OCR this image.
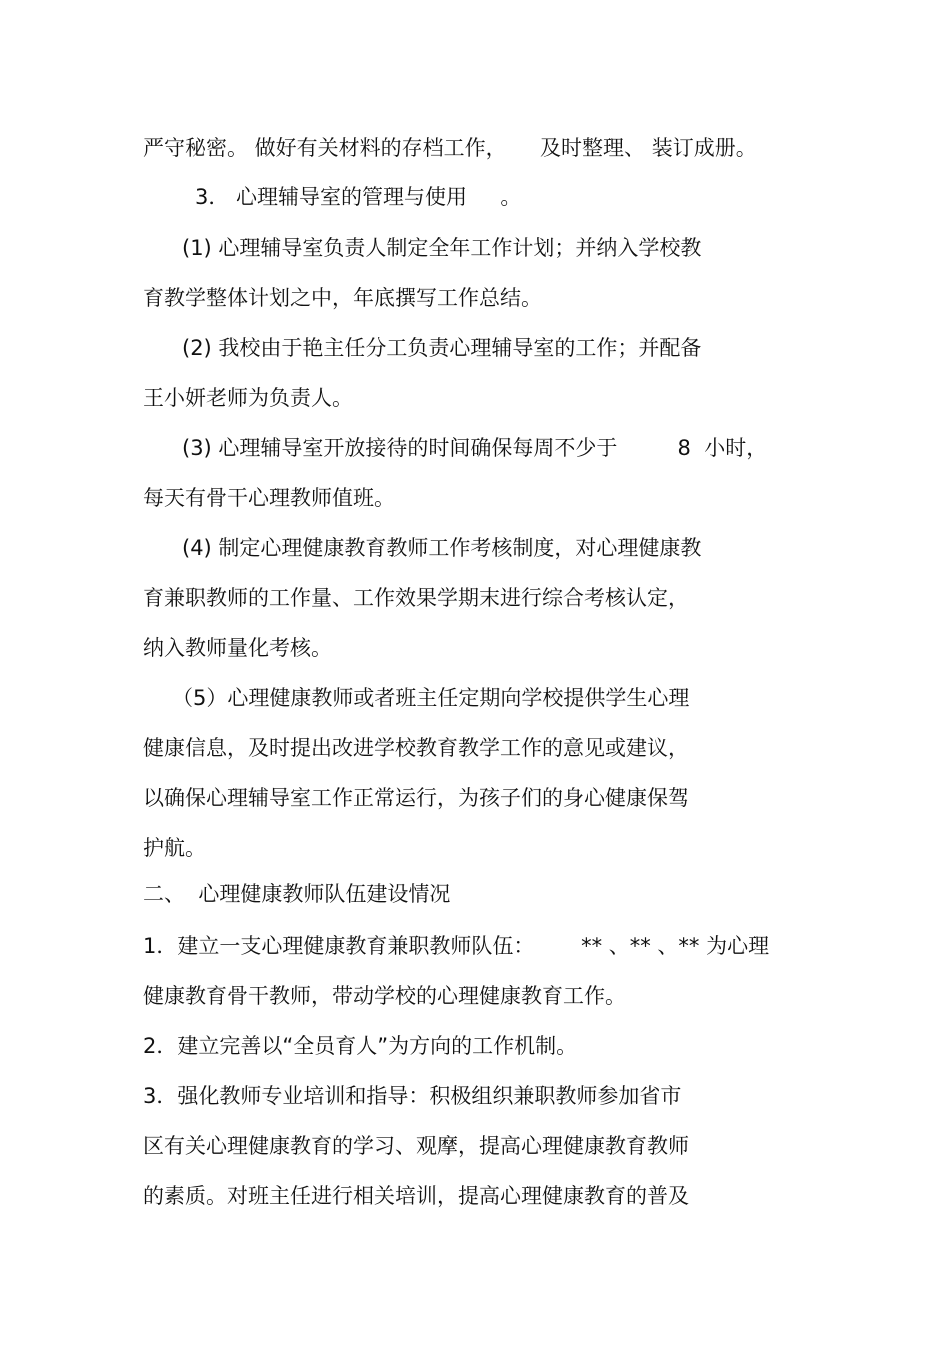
严守秘密。 做好有关材料的存档工作，     及时整理、 装订成册。
3． 心理辅导室的管理与使用     。
(1) 心理辅导室负责人制定全年工作计划；并纳入学校教
育教学整体计划之中，年底撰写工作总结。
(2) 我校由于艳主任分工负责心理辅导室的工作；并配备
王小妍老师为负责人。
(3) 心理辅导室开放接待的时间确保每周不少于         8  小时，
每天有骨干心理教师值班。
(4) 制定心理健康教育教师工作考核制度，对心理健康教
育兼职教师的工作量、工作效果学期末进行综合考核认定，
纳入教师量化考核。
（5）心理健康教师或者班主任定期向学校提供学生心理
健康信息，及时提出改进学校教育教学工作的意见或建议，
以确保心理辅导室工作正常运行，为孩子们的身心健康保驾
护航。
二、  心理健康教师队伍建设情况
1．建立一支心理健康教育兼职教师队伍：       ** 、** 、** 为心理
健康教育骨干教师，带动学校的心理健康教育工作。
2．建立完善以“全员育人”为方向的工作机制。
3．强化教师专业培训和指导：积极组织兼职教师参加省市
区有关心理健康教育的学习、观摩，提高心理健康教育教师
的素质。对班主任进行相关培训，提高心理健康教育的普及
